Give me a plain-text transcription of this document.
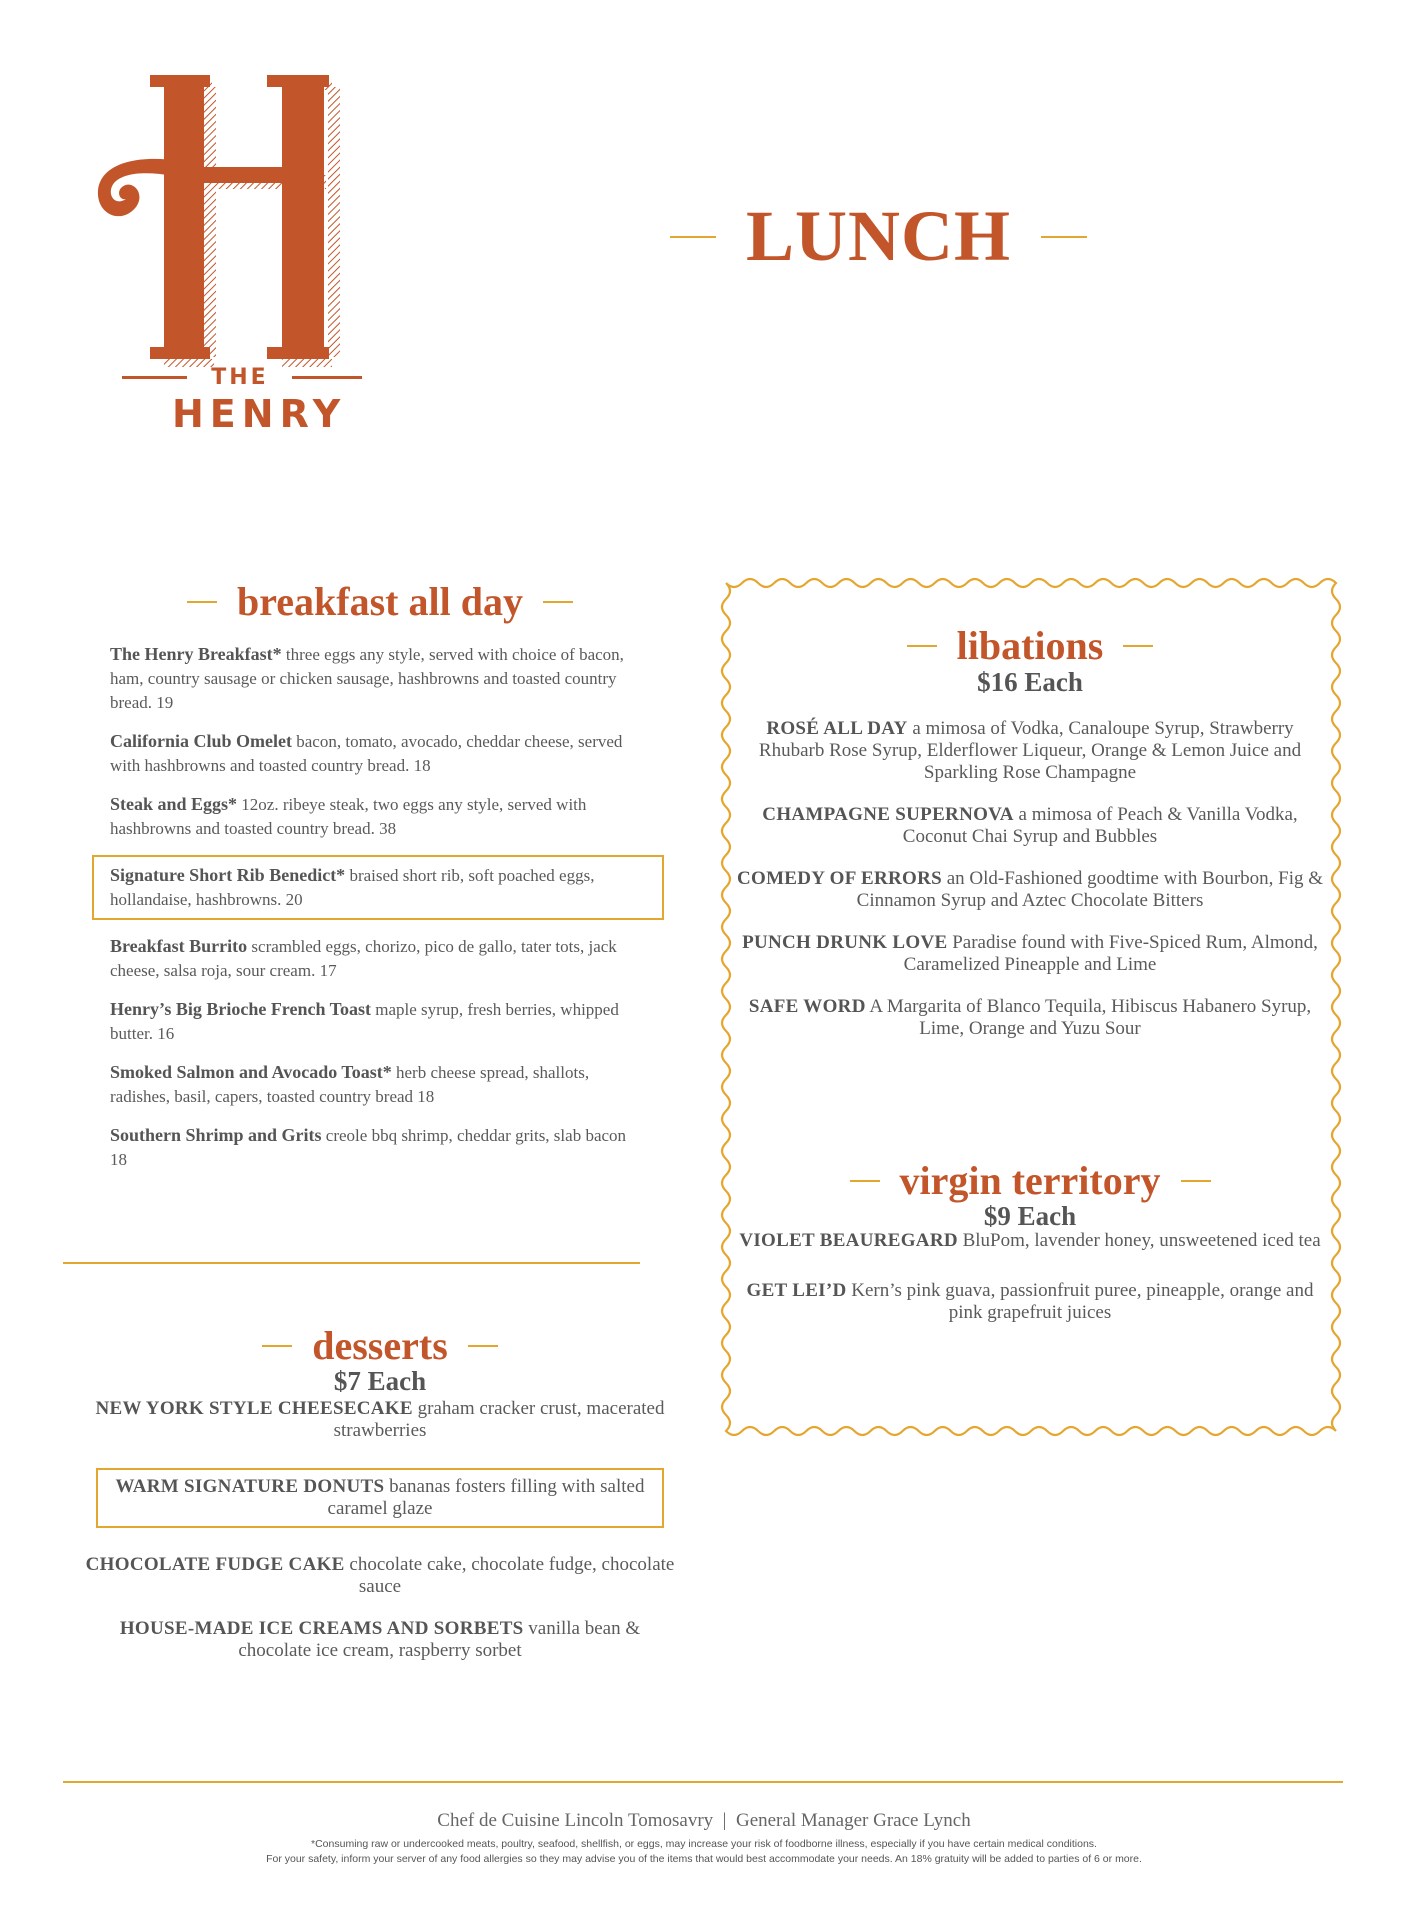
THE
HENRY
LUNCH
breakfast all day
The Henry Breakfast* three eggs any style, served with choice of bacon, ham, country sausage or chicken sausage, hashbrowns and toasted country bread. 19
California Club Omelet bacon, tomato, avocado, cheddar cheese, served with hashbrowns and toasted country bread. 18
Steak and Eggs* 12oz. ribeye steak, two eggs any style, served with hashbrowns and toasted country bread. 38
Signature Short Rib Benedict* braised short rib, soft poached eggs, hollandaise, hashbrowns. 20
Breakfast Burrito scrambled eggs, chorizo, pico de gallo, tater tots, jack cheese, salsa roja, sour cream. 17
Henry’s Big Brioche French Toast maple syrup, fresh berries, whipped butter. 16
Smoked Salmon and Avocado Toast* herb cheese spread, shallots, radishes, basil, capers, toasted country bread 18
Southern Shrimp and Grits creole bbq shrimp, cheddar grits, slab bacon 18
libations
$16 Each
ROSÉ ALL DAY a mimosa of Vodka, Canaloupe Syrup, Strawberry Rhubarb Rose Syrup, Elderflower Liqueur, Orange & Lemon Juice and Sparkling Rose Champagne
CHAMPAGNE SUPERNOVA a mimosa of Peach & Vanilla Vodka, Coconut Chai Syrup and Bubbles
COMEDY OF ERRORS an Old-Fashioned goodtime with Bourbon, Fig & Cinnamon Syrup and Aztec Chocolate Bitters
PUNCH DRUNK LOVE Paradise found with Five-Spiced Rum, Almond, Caramelized Pineapple and Lime
SAFE WORD A Margarita of Blanco Tequila, Hibiscus Habanero Syrup, Lime, Orange and Yuzu Sour
virgin territory
$9 Each
VIOLET BEAUREGARD BluPom, lavender honey, unsweetened iced tea
GET LEI’D Kern’s pink guava, passionfruit puree, pineapple, orange and pink grapefruit juices
desserts
$7 Each
NEW YORK STYLE CHEESECAKE graham cracker crust, macerated strawberries
WARM SIGNATURE DONUTS bananas fosters filling with salted caramel glaze
CHOCOLATE FUDGE CAKE chocolate cake, chocolate fudge, chocolate sauce
HOUSE-MADE ICE CREAMS AND SORBETS vanilla bean & chocolate ice cream, raspberry sorbet
Chef de Cuisine Lincoln Tomosavry  |  General Manager Grace Lynch
*Consuming raw or undercooked meats, poultry, seafood, shellfish, or eggs, may increase your risk of foodborne illness, especially if you have certain medical conditions.
For your safety, inform your server of any food allergies so they may advise you of the items that would best accommodate your needs. An 18% gratuity will be added to parties of 6 or more.
